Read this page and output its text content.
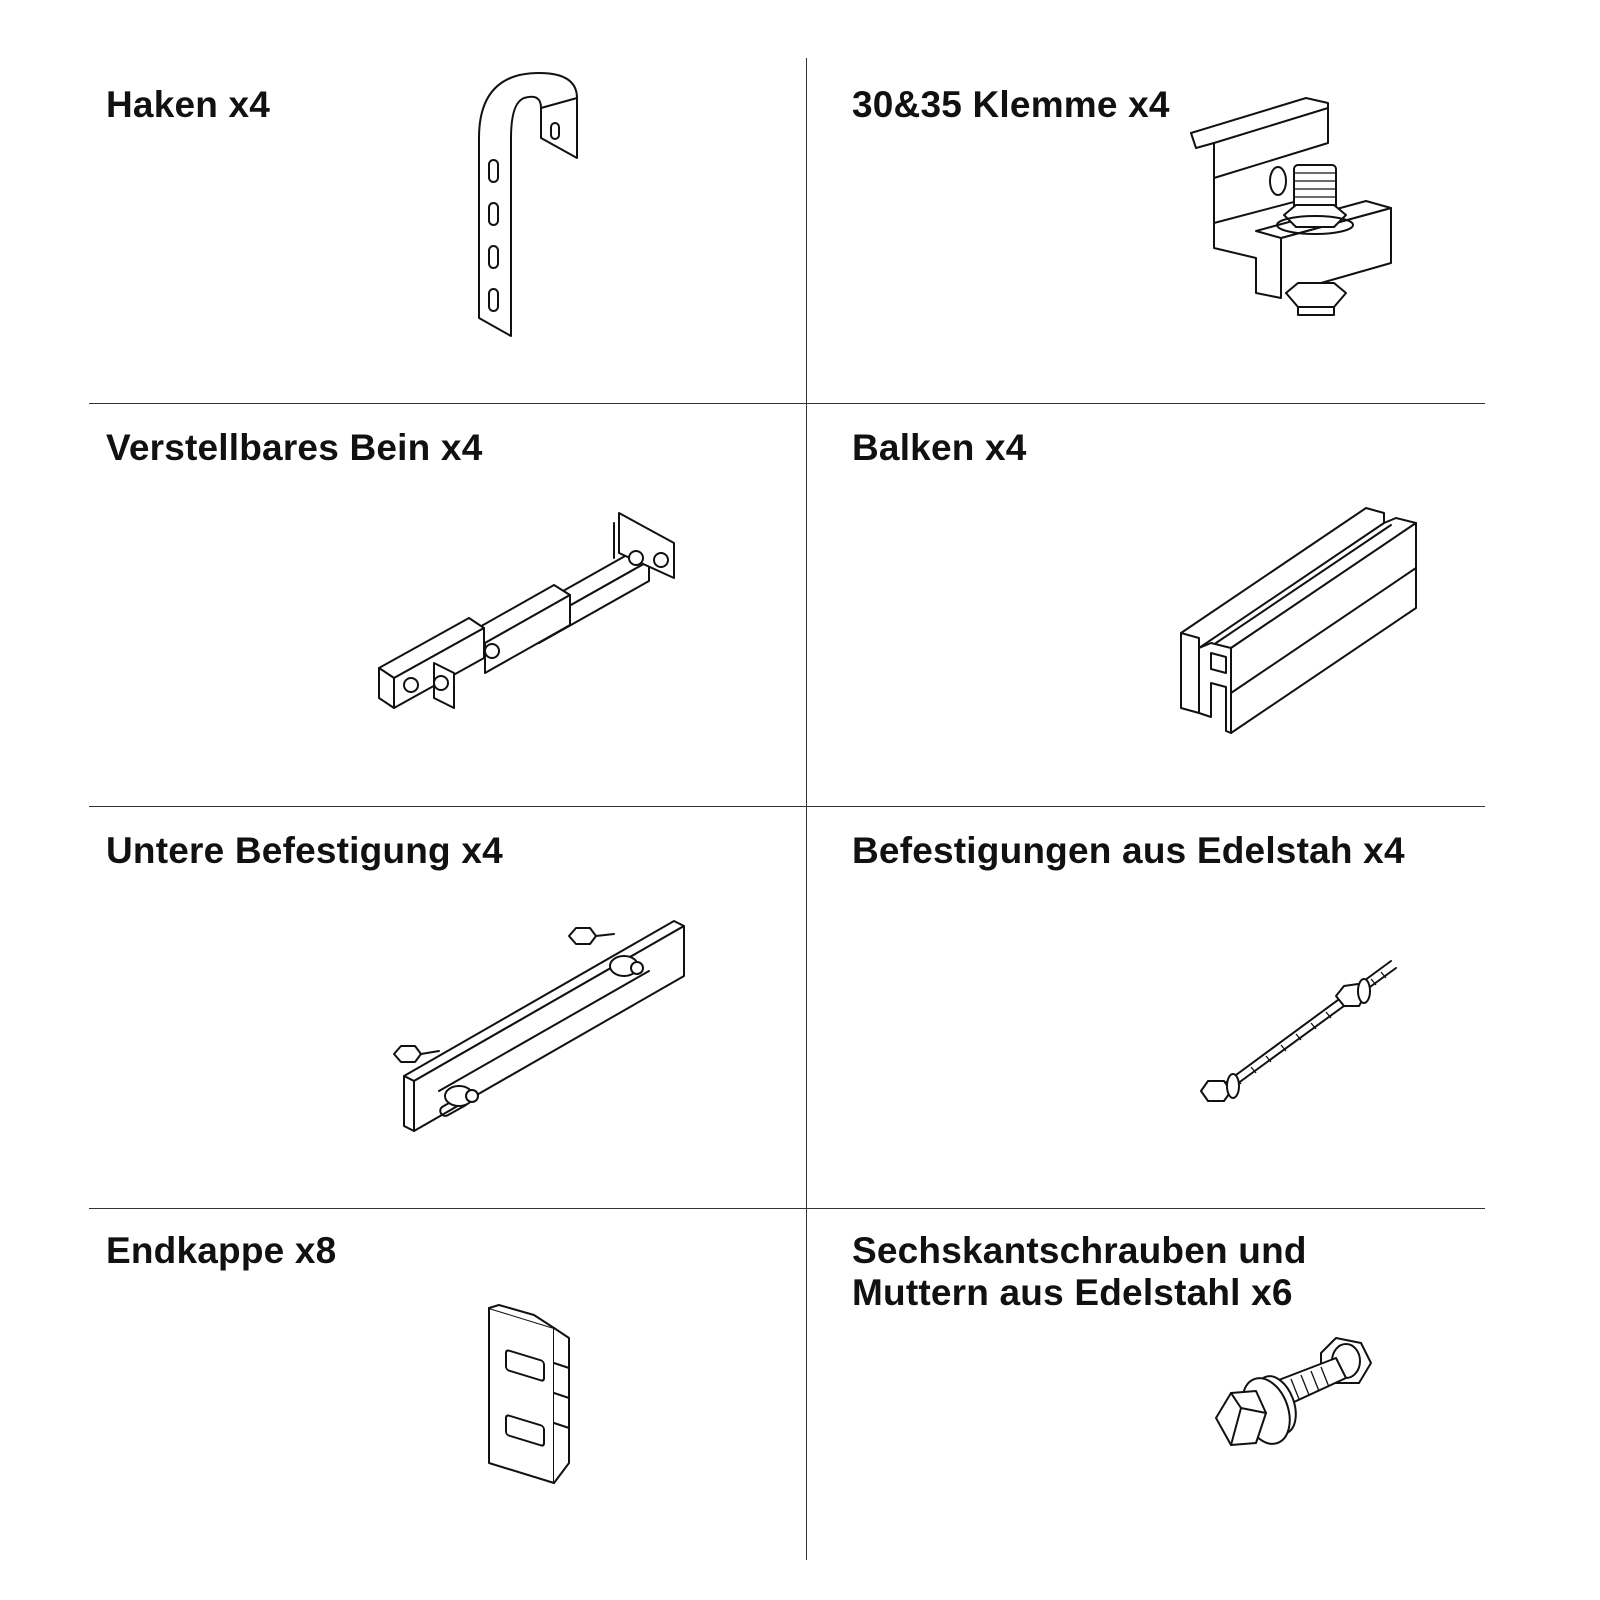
Haken x4	30&35 Klemme x4
Verstellbares Bein x4	Balken x4
Untere Befestigung x4	Befestigungen aus Edelstah x4
Endkappe x8	Sechskantschrauben und
Muttern aus Edelstahl x6
